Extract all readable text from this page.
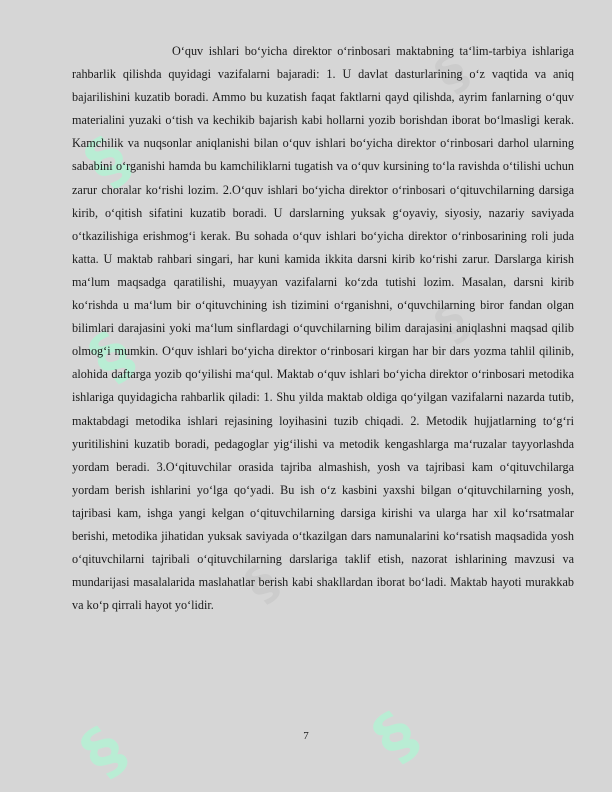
§
§
§	§
§
§
§

O‘quv ishlari bo‘yicha direktor o‘rinbosari maktabning ta‘lim-tarbiya ishlariga rahbarlik qilishda quyidagi vazifalarni bajaradi: 1. U davlat dasturlarining o‘z vaqtida va aniq bajarilishini kuzatib boradi. Ammo bu kuzatish faqat faktlarni qayd qilishda, ayrim fanlarning o‘quv materialini yuzaki o‘tish va kechikib bajarish kabi hollarni yozib borishdan iborat bo‘lmasligi kerak. Kamchilik va nuqsonlar aniqlanishi bilan o‘quv ishlari bo‘yicha direktor o‘rinbosari darhol ularning sababini o‘rganishi hamda bu kamchiliklarni tugatish va o‘quv kursining to‘la ravishda o‘tilishi uchun zarur choralar ko‘rishi lozim. 2.O‘quv ishlari bo‘yicha direktor o‘rinbosari o‘qituvchilarning darsiga kirib, o‘qitish sifatini kuzatib boradi. U darslarning yuksak g‘oyaviy, siyosiy, nazariy saviyada o‘tkazilishiga erishmog‘i kerak. Bu sohada o‘quv ishlari bo‘yicha direktor o‘rinbosarining roli juda katta. U maktab rahbari singari, har kuni kamida ikkita darsni kirib ko‘rishi zarur. Darslarga kirish ma‘lum maqsadga qaratilishi, muayyan vazifalarni ko‘zda tutishi lozim. Masalan, darsni kirib ko‘rishda u ma‘lum bir o‘qituvchining ish tizimini o‘rganishni, o‘quvchilarning biror fandan olgan bilimlari darajasini yoki ma‘lum sinflardagi o‘quvchilarning bilim darajasini aniqlashni maqsad qilib olmog‘i mumkin. O‘quv ishlari bo‘yicha direktor o‘rinbosari kirgan har bir dars yozma tahlil qilinib, alohida daftarga yozib qo‘yilishi ma‘qul. Maktab o‘quv ishlari bo‘yicha direktor o‘rinbosari metodika ishlariga quyidagicha rahbarlik qiladi: 1. Shu yilda maktab oldiga qo‘yilgan vazifalarni nazarda tutib, maktabdagi metodika ishlari rejasining loyihasini tuzib chiqadi. 2. Metodik hujjatlarning to‘g‘ri yuritilishini kuzatib boradi, pedagoglar yig‘ilishi va metodik kengashlarga ma‘ruzalar tayyorlashda yordam beradi. 3.O‘qituvchilar orasida tajriba almashish, yosh va tajribasi kam o‘qituvchilarga yordam berish ishlarini yo‘lga qo‘yadi. Bu ish o‘z kasbini yaxshi bilgan o‘qituvchilarning yosh, tajribasi kam, ishga yangi kelgan o‘qituvchilarning darsiga kirishi va ularga har xil ko‘rsatmalar berishi, metodika jihatidan yuksak saviyada o‘tkazilgan dars namunalarini ko‘rsatish maqsadida yosh o‘qituvchilarni tajribali o‘qituvchilarning darslariga taklif etish, nazorat ishlarining mavzusi va mundarijasi masalalarida maslahatlar berish kabi shakllardan iborat bo‘ladi. Maktab hayoti murakkab va ko‘p qirrali hayot yo‘lidir.

7
